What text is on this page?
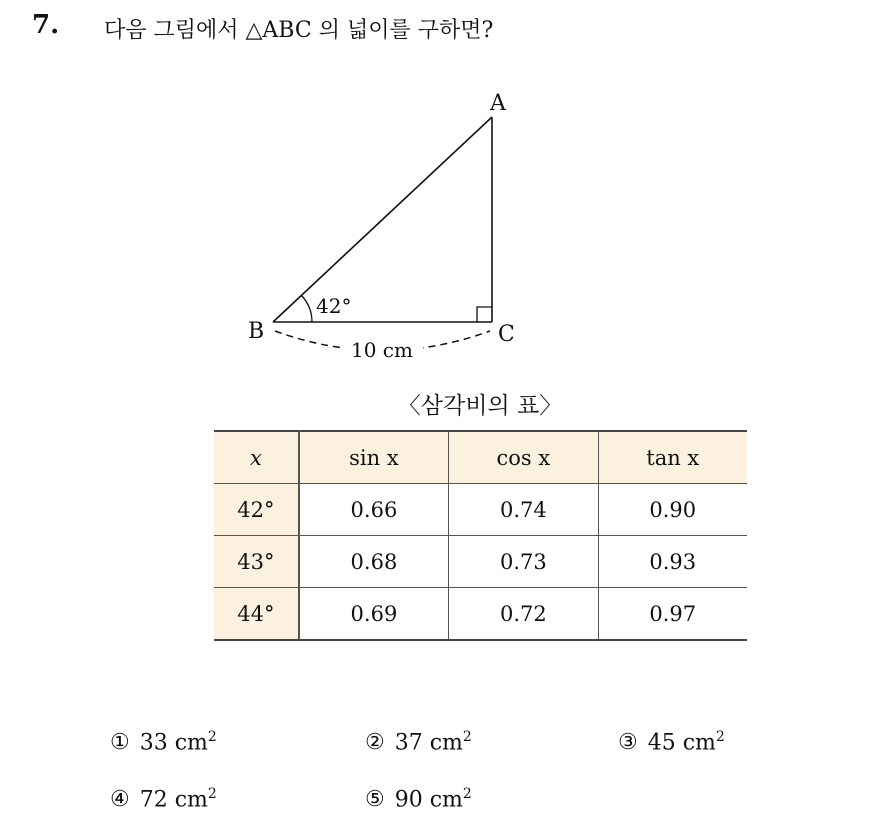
7. 다음 그림에서 △ABC 의 넓이를 구하면?
A
B	C
42°
10 cm
〈삼각비의 표〉
x	sin x	cos x	tan x
42°	0.66	0.74	0.90
43°	0.68	0.73	0.93
44°	0.69	0.72	0.97
① 33 $cm^2$	② 37 $cm^2$	③ 45 $cm^2$
④ 72 $cm^2$	⑤ 90 $cm^2$
